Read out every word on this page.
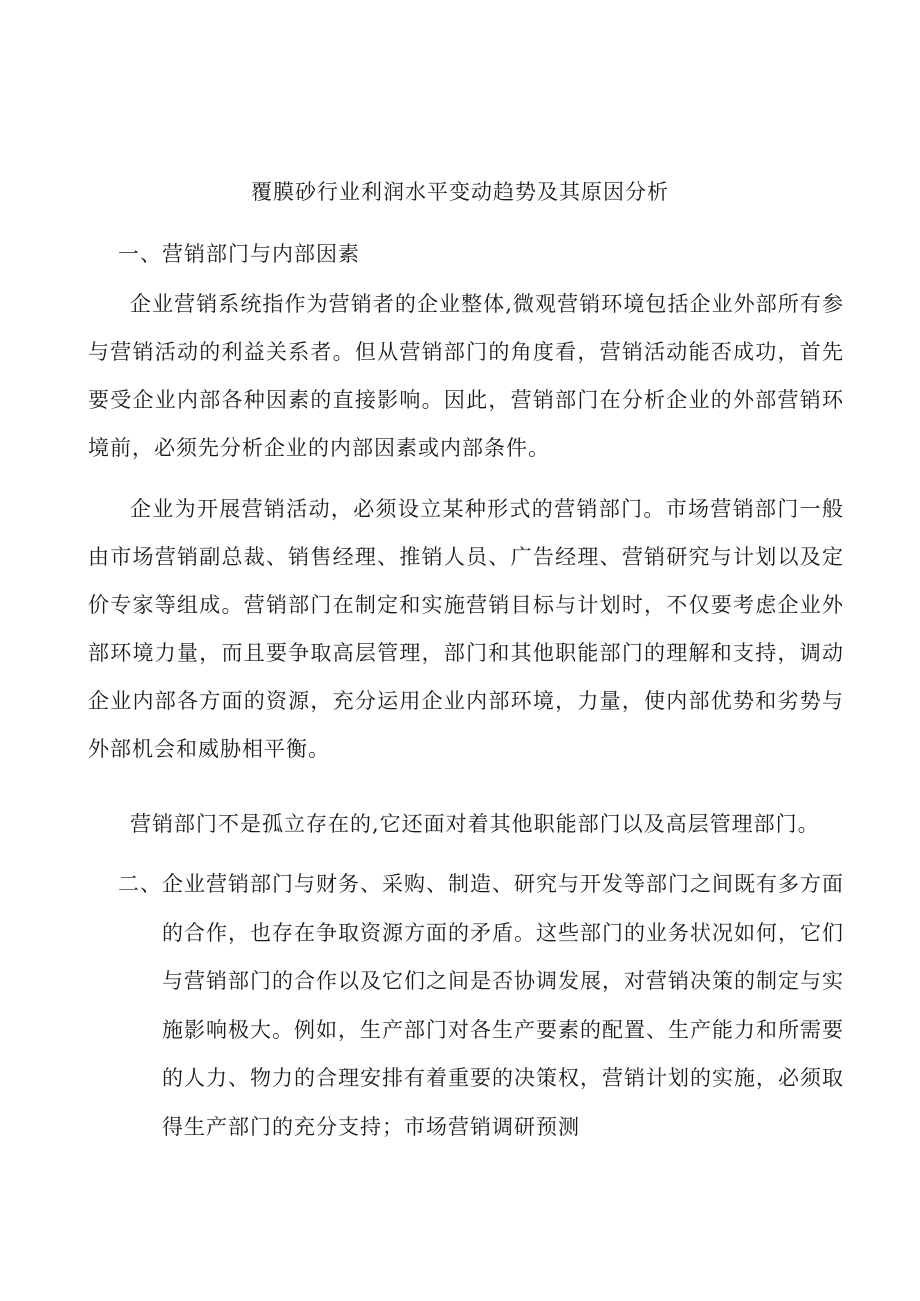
覆膜砂行业利润水平变动趋势及其原因分析
一、营销部门与内部因素

企业营销系统指作为营销者的企业整体,微观营销环境包括企业外部所有参与营销活动的利益关系者。但从营销部门的角度看，营销活动能否成功，首先要受企业内部各种因素的直接影响。因此，营销部门在分析企业的外部营销环境前，必须先分析企业的内部因素或内部条件。

企业为开展营销活动，必须设立某种形式的营销部门。市场营销部门一般由市场营销副总裁、销售经理、推销人员、广告经理、营销研究与计划以及定价专家等组成。营销部门在制定和实施营销目标与计划时，不仅要考虑企业外部环境力量，而且要争取高层管理，部门和其他职能部门的理解和支持，调动企业内部各方面的资源，充分运用企业内部环境，力量，使内部优势和劣势与外部机会和威胁相平衡。

营销部门不是孤立存在的,它还面对着其他职能部门以及高层管理部门。

二、 企业营销部门与财务、采购、制造、研究与开发等部门之间既有多方面的合作，也存在争取资源方面的矛盾。这些部门的业务状况如何，它们与营销部门的合作以及它们之间是否协调发展，对营销决策的制定与实施影响极大。例如，生产部门对各生产要素的配置、生产能力和所需要的人力、物力的合理安排有着重要的决策权，营销计划的实施，必须取得生产部门的充分支持；市场营销调研预测
